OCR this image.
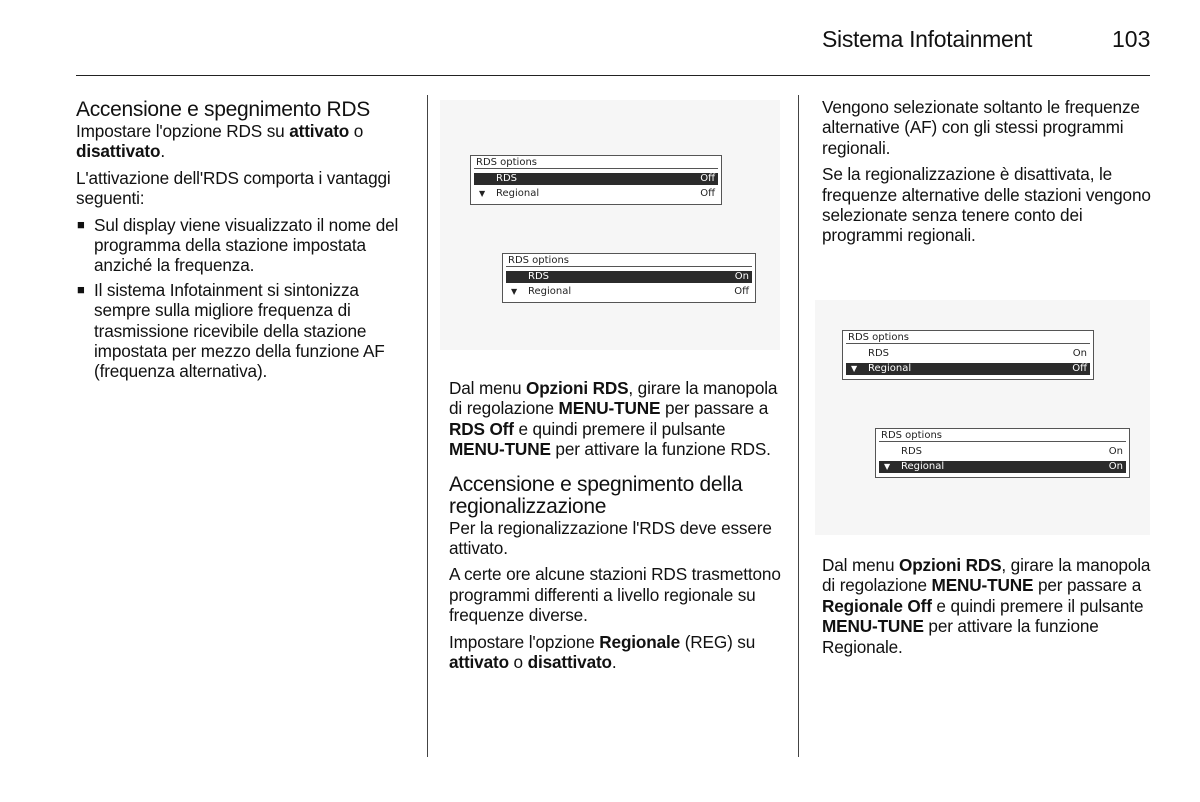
Sistema Infotainment	103
Accensione e spegnimento RDS

Impostare l'opzione RDS su attivato o disattivato.

L'attivazione dell'RDS comporta i vantaggi seguenti:

■ Sul display viene visualizzato il nome del programma della stazione impostata anziché la frequenza.
■ Il sistema Infotainment si sintonizza sempre sulla migliore frequenza di trasmissione ricevibile della stazione impostata per mezzo della funzione AF (frequenza alternativa).
RDS options
RDS	Off
▼ Regional	Off
RDS options
RDS	On
▼ Regional	Off

Dal menu Opzioni RDS, girare la manopola di regolazione MENU-TUNE per passare a RDS Off e quindi premere il pulsante MENU-TUNE per attivare la funzione RDS.

Accensione e spegnimento della regionalizzazione

Per la regionalizzazione l'RDS deve essere attivato.

A certe ore alcune stazioni RDS trasmettono programmi differenti a livello regionale su frequenze diverse.

Impostare l'opzione Regionale (REG) su attivato o disattivato.

Vengono selezionate soltanto le frequenze alternative (AF) con gli stessi programmi regionali.

Se la regionalizzazione è disattivata, le frequenze alternative delle stazioni vengono selezionate senza tenere conto dei programmi regionali.

RDS options
RDS	On
▼ Regional	Off
RDS options
RDS	On
▼ Regional	On

Dal menu Opzioni RDS, girare la manopola di regolazione MENU-TUNE per passare a Regionale Off e quindi premere il pulsante MENU-TUNE per attivare la funzione Regionale.
